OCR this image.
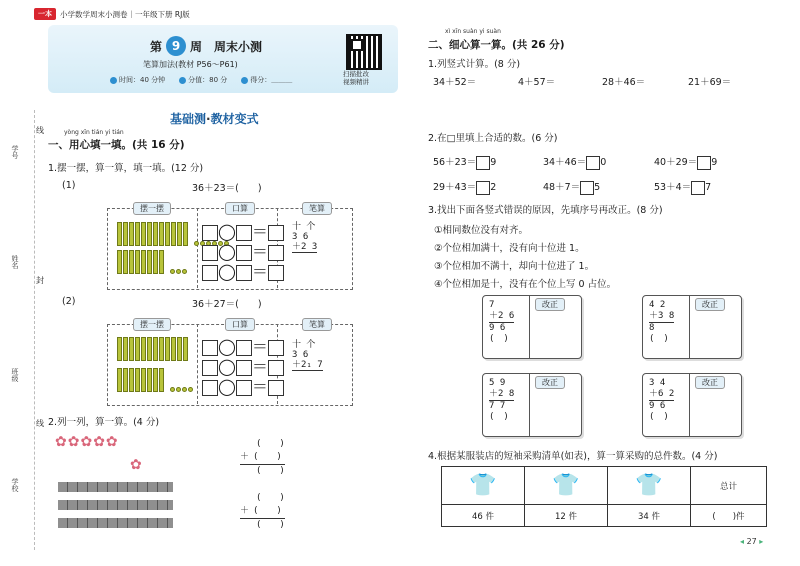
一本	小学数学周末小测卷｜一年级下册 RJ版
学号
姓名
班级
学校
线
封
线
第 9 周　周末小测
笔算加法(教材 P56～P61)
时间：40 分钟	分值：80 分	得分：＿＿＿
扫描批改
视频精讲
基础测·教材变式
yòng xīn tián yi tián
一、用心填一填。(共 16 分)
1.摆一摆，算一算，填一填。(12 分)
(1)	36＋23＝(　　)
摆一摆	口算	笔算

◯ ＝
◯ ＝
◯ ＝
十 个
3 6
＋2 3
(2)	36＋27＝(　　)
摆一摆	口算	笔算

◯ ＝
◯ ＝
◯ ＝
十 个
3 6
＋2₁ 7
2.列一列，算一算。(4 分)
✿✿✿✿✿
✿
(　　)
＋ (　　)
(　　)
(　　)
＋ (　　)
(　　)
xì xīn suàn yi suàn
二、细心算一算。(共 26 分)
1.列竖式计算。(8 分)
34＋52＝	4＋57＝	28＋46＝	21＋69＝
2.在□里填上合适的数。(6 分)
56＋23＝ 9	34＋46＝ 0	40＋29＝ 9
29＋43＝ 2	48＋7＝ 5	53＋4＝ 7
3.找出下面各竖式错误的原因，先填序号再改正。(8 分)
①相同数位没有对齐。
②个位相加满十，没有向十位进 1。
③个位相加不满十，却向十位进了 1。
④个位相加是十，没有在个位上写 0 占位。
7
＋2 6
9 6
(　)
改正	4 2
＋3 8
8
(　)
改正
5 9
＋2 8
7 7
(　)
改正	3 4
＋6 2
9 6
(　)
改正
4.根据某服装店的短袖采购清单(如表)，算一算采购的总件数。(4 分)
👕	👕	👕	总计
46 件	12 件	34 件	(　　)件
◂ 27 ▸
